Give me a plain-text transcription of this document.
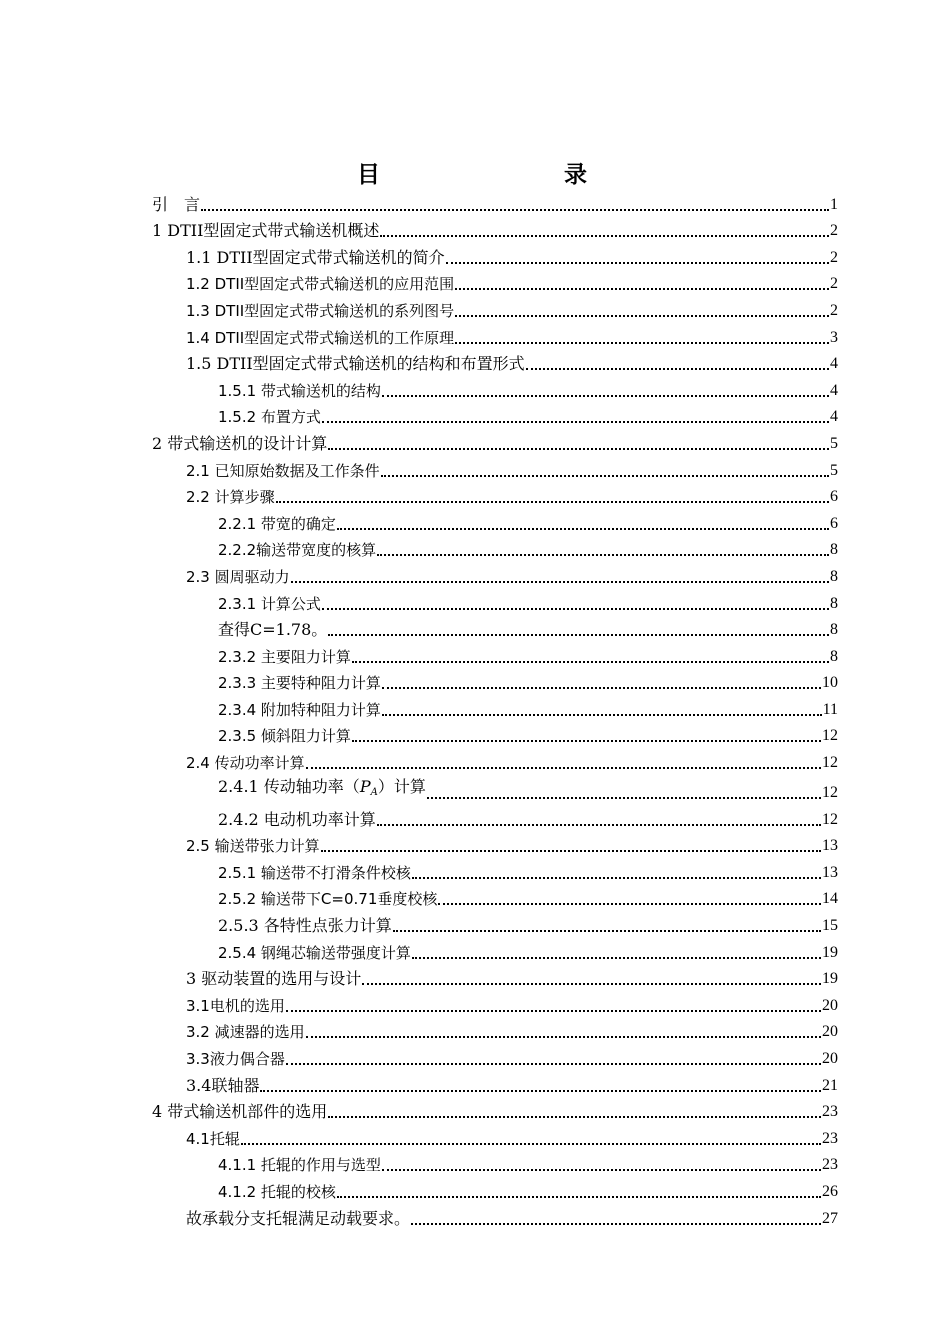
目　　录
引　言	1
1 DTII型固定式带式输送机概述	2
1.1 DTII型固定式带式输送机的简介	2
1.2 DTII型固定式带式输送机的应用范围	2
1.3 DTII型固定式带式输送机的系列图号	2
1.4 DTII型固定式带式输送机的工作原理	3
1.5 DTII型固定式带式输送机的结构和布置形式	4
1.5.1 带式输送机的结构	4
1.5.2 布置方式	4
2 带式输送机的设计计算	5
2.1 已知原始数据及工作条件	5
2.2 计算步骤	6
2.2.1 带宽的确定	6
2.2.2输送带宽度的核算	8
2.3 圆周驱动力	8
2.3.1 计算公式	8
查得C=1.78。	8
2.3.2 主要阻力计算	8
2.3.3 主要特种阻力计算	10
2.3.4 附加特种阻力计算	11
2.3.5 倾斜阻力计算	12
2.4 传动功率计算	12
2.4.1 传动轴功率（PA）计算	12
2.4.2 电动机功率计算	12
2.5 输送带张力计算	13
2.5.1 输送带不打滑条件校核	13
2.5.2 输送带下C=0.71垂度校核	14
2.5.3 各特性点张力计算	15
2.5.4 钢绳芯输送带强度计算	19
3 驱动装置的选用与设计	19
3.1电机的选用	20
3.2 减速器的选用	20
3.3液力偶合器	20
3.4联轴器	21
4 带式输送机部件的选用	23
4.1托辊	23
4.1.1 托辊的作用与选型	23
4.1.2 托辊的校核	26
故承载分支托辊满足动载要求。	27
